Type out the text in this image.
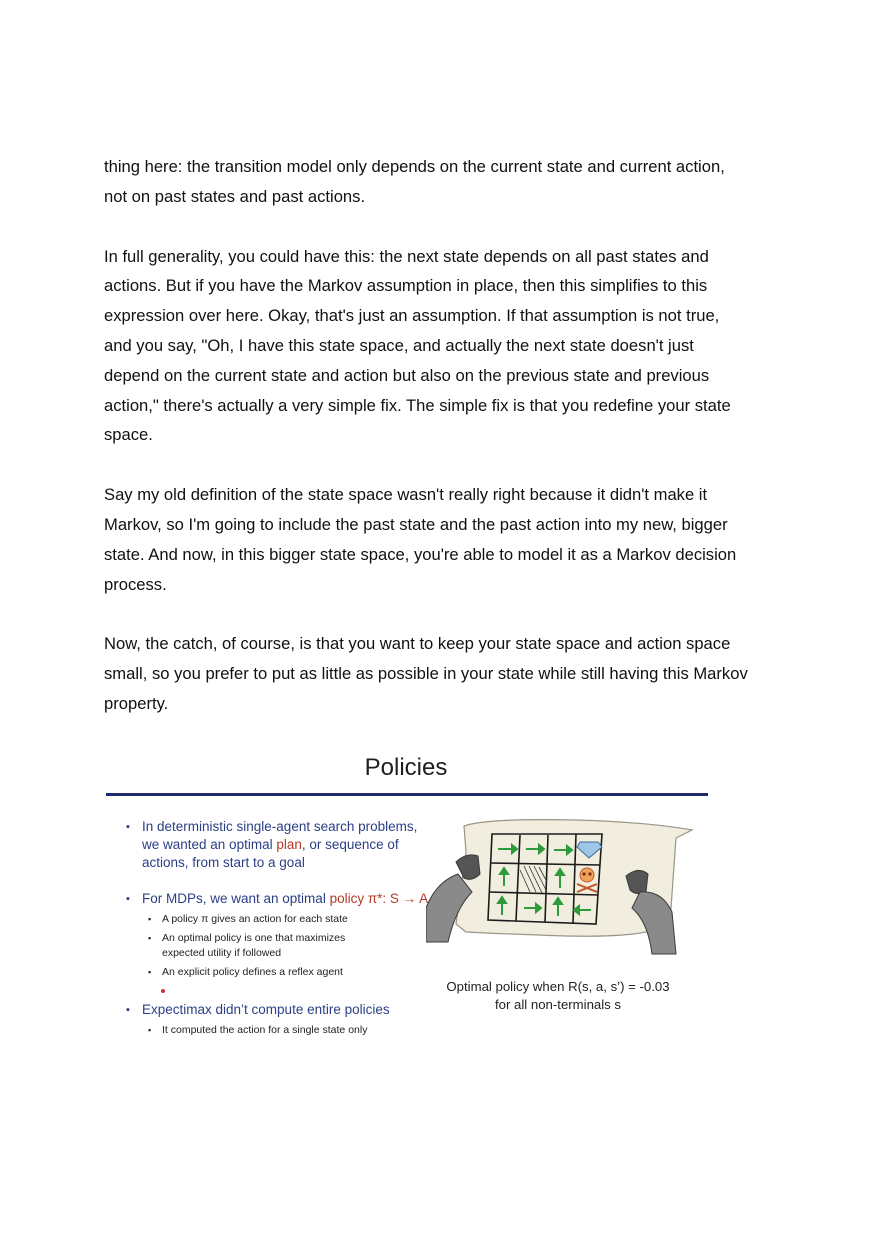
thing here: the transition model only depends on the current state and current action,
not on past states and past actions.

In full generality, you could have this: the next state depends on all past states and
actions. But if you have the Markov assumption in place, then this simplifies to this
expression over here. Okay, that's just an assumption. If that assumption is not true,
and you say, "Oh, I have this state space, and actually the next state doesn't just
depend on the current state and action but also on the previous state and previous
action," there's actually a very simple fix. The simple fix is that you redefine your state
space.

Say my old definition of the state space wasn't really right because it didn't make it
Markov, so I'm going to include the past state and the past action into my new, bigger
state. And now, in this bigger state space, you're able to model it as a Markov decision
process.

Now, the catch, of course, is that you want to keep your state space and action space
small, so you prefer to put as little as possible in your state while still having this Markov
property.

Policies
▪ In deterministic single-agent search problems,
we wanted an optimal plan, or sequence of
actions, from start to a goal
▪ For MDPs, we want an optimal policy π*: S → A
▪ A policy π gives an action for each state
▪ An optimal policy is one that maximizes
expected utility if followed
▪ An explicit policy defines a reflex agent
▪ Expectimax didn’t compute entire policies
▪ It computed the action for a single state only
Optimal policy when R(s, a, s’) = -0.03
for all non-terminals s
